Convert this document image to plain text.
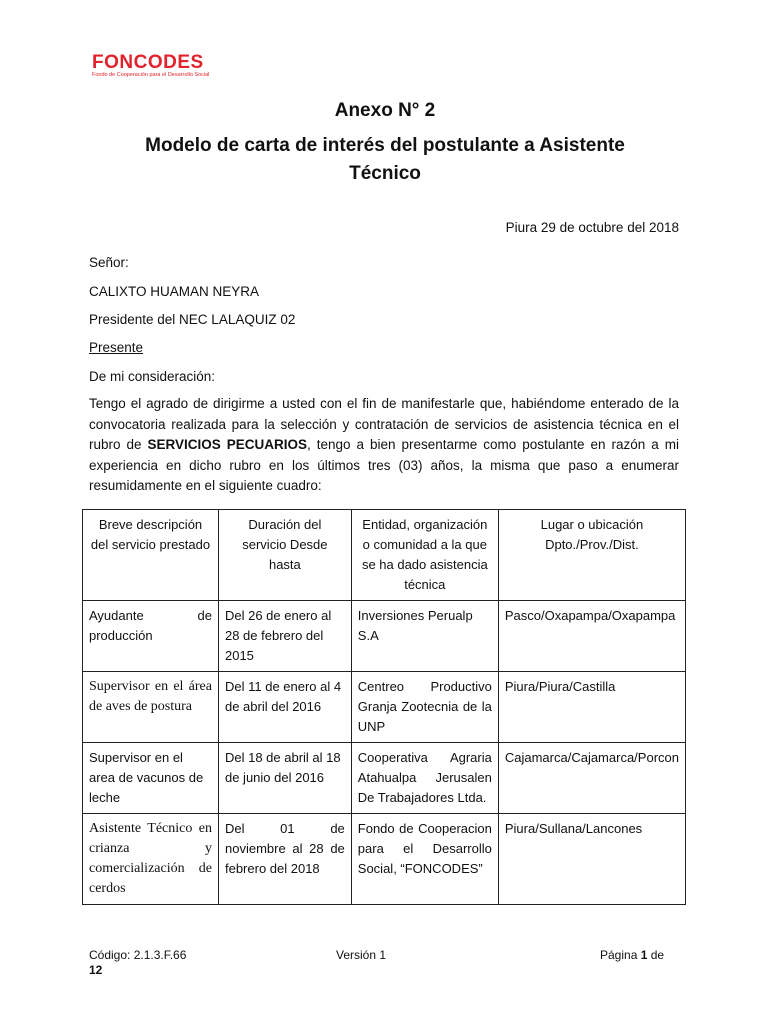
FONCODES
Fondo de Cooperación para el Desarrollo Social
Anexo N° 2
Modelo de carta de interés del postulante a Asistente
Técnico
Piura 29 de octubre del 2018
Señor:
CALIXTO HUAMAN NEYRA
Presidente del NEC LALAQUIZ 02
Presente
De mi consideración:
Tengo el agrado de dirigirme a usted con el fin de manifestarle que, habiéndome enterado de la convocatoria realizada para la selección y contratación de servicios de asistencia técnica en el rubro de SERVICIOS PECUARIOS, tengo a bien presentarme como postulante en razón a mi experiencia en dicho rubro en los últimos tres (03) años, la misma que paso a enumerar resumidamente en el siguiente cuadro:
Breve descripción del servicio prestado	Duración del servicio Desde hasta	Entidad, organización o comunidad a la que se ha dado asistencia técnica	Lugar o ubicación Dpto./Prov./Dist.
Ayudante de producción	Del 26 de enero al 28 de febrero del 2015	Inversiones Perualp S.A	Pasco/Oxapampa/Oxapampa
Supervisor en el área de aves de postura	Del 11 de enero al 4 de abril del 2016	Centreo Productivo Granja Zootecnia de la UNP	Piura/Piura/Castilla
Supervisor en el area de vacunos de leche	Del 18 de abril al 18 de junio del 2016	Cooperativa Agraria Atahualpa Jerusalen De Trabajadores Ltda.	Cajamarca/Cajamarca/Porcon
Asistente Técnico en crianza y comercialización de cerdos	Del 01 de noviembre al 28 de febrero del 2018	Fondo de Cooperacion para el Desarrollo Social, “FONCODES”	Piura/Sullana/Lancones
Código: 2.1.3.F.66	Versión 1	Página 1 de
12
